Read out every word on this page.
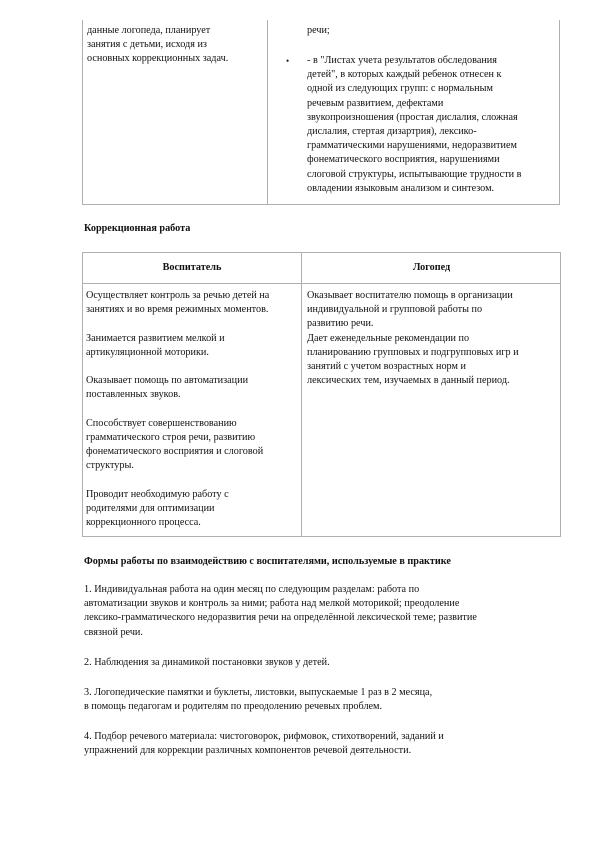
данные логопеда, планирует
занятия с детьми, исходя из
основных коррекционных задач.
речи;
• - в "Листах учета результатов обследования
детей", в которых каждый ребенок отнесен к
одной из следующих групп: с нормальным
речевым развитием, дефектами
звукопроизношения (простая дислалия, сложная
дислалия, стертая дизартрия), лексико-
грамматическими нарушениями, недоразвитием
фонематического восприятия, нарушениями
слоговой структуры, испытывающие трудности в
овладении языковым анализом и синтезом.
Коррекционная работа
Воспитатель	Логопед
Осуществляет контроль за речью детей на
занятиях и во время режимных моментов.

Занимается развитием мелкой и
артикуляционной моторики.

Оказывает помощь по автоматизации
поставленных звуков.

Способствует совершенствованию
грамматического строя речи, развитию
фонематического восприятия и слоговой
структуры.

Проводит необходимую работу с
родителями для оптимизации
коррекционного процесса.
Оказывает воспитателю помощь в организации
индивидуальной и групповой работы по
развитию речи.
Дает еженедельные рекомендации по
планированию групповых и подгрупповых игр и
занятий с учетом возрастных норм и
лексических тем, изучаемых в данный период.
Формы работы по взаимодействию с воспитателями, используемые в практике
1. Индивидуальная работа на один месяц по следующим разделам: работа по
автоматизации звуков и контроль за ними; работа над мелкой моторикой; преодоление
лексико-грамматического недоразвития речи на определённой лексической теме; развитие
связной речи.
2. Наблюдения за динамикой постановки звуков у детей.
3. Логопедические памятки и буклеты, листовки, выпускаемые 1 раз в 2 месяца,
в помощь педагогам и родителям по преодолению речевых проблем.
4. Подбор речевого материала: чистоговорок, рифмовок, стихотворений, заданий и
упражнений для коррекции различных компонентов речевой деятельности.
